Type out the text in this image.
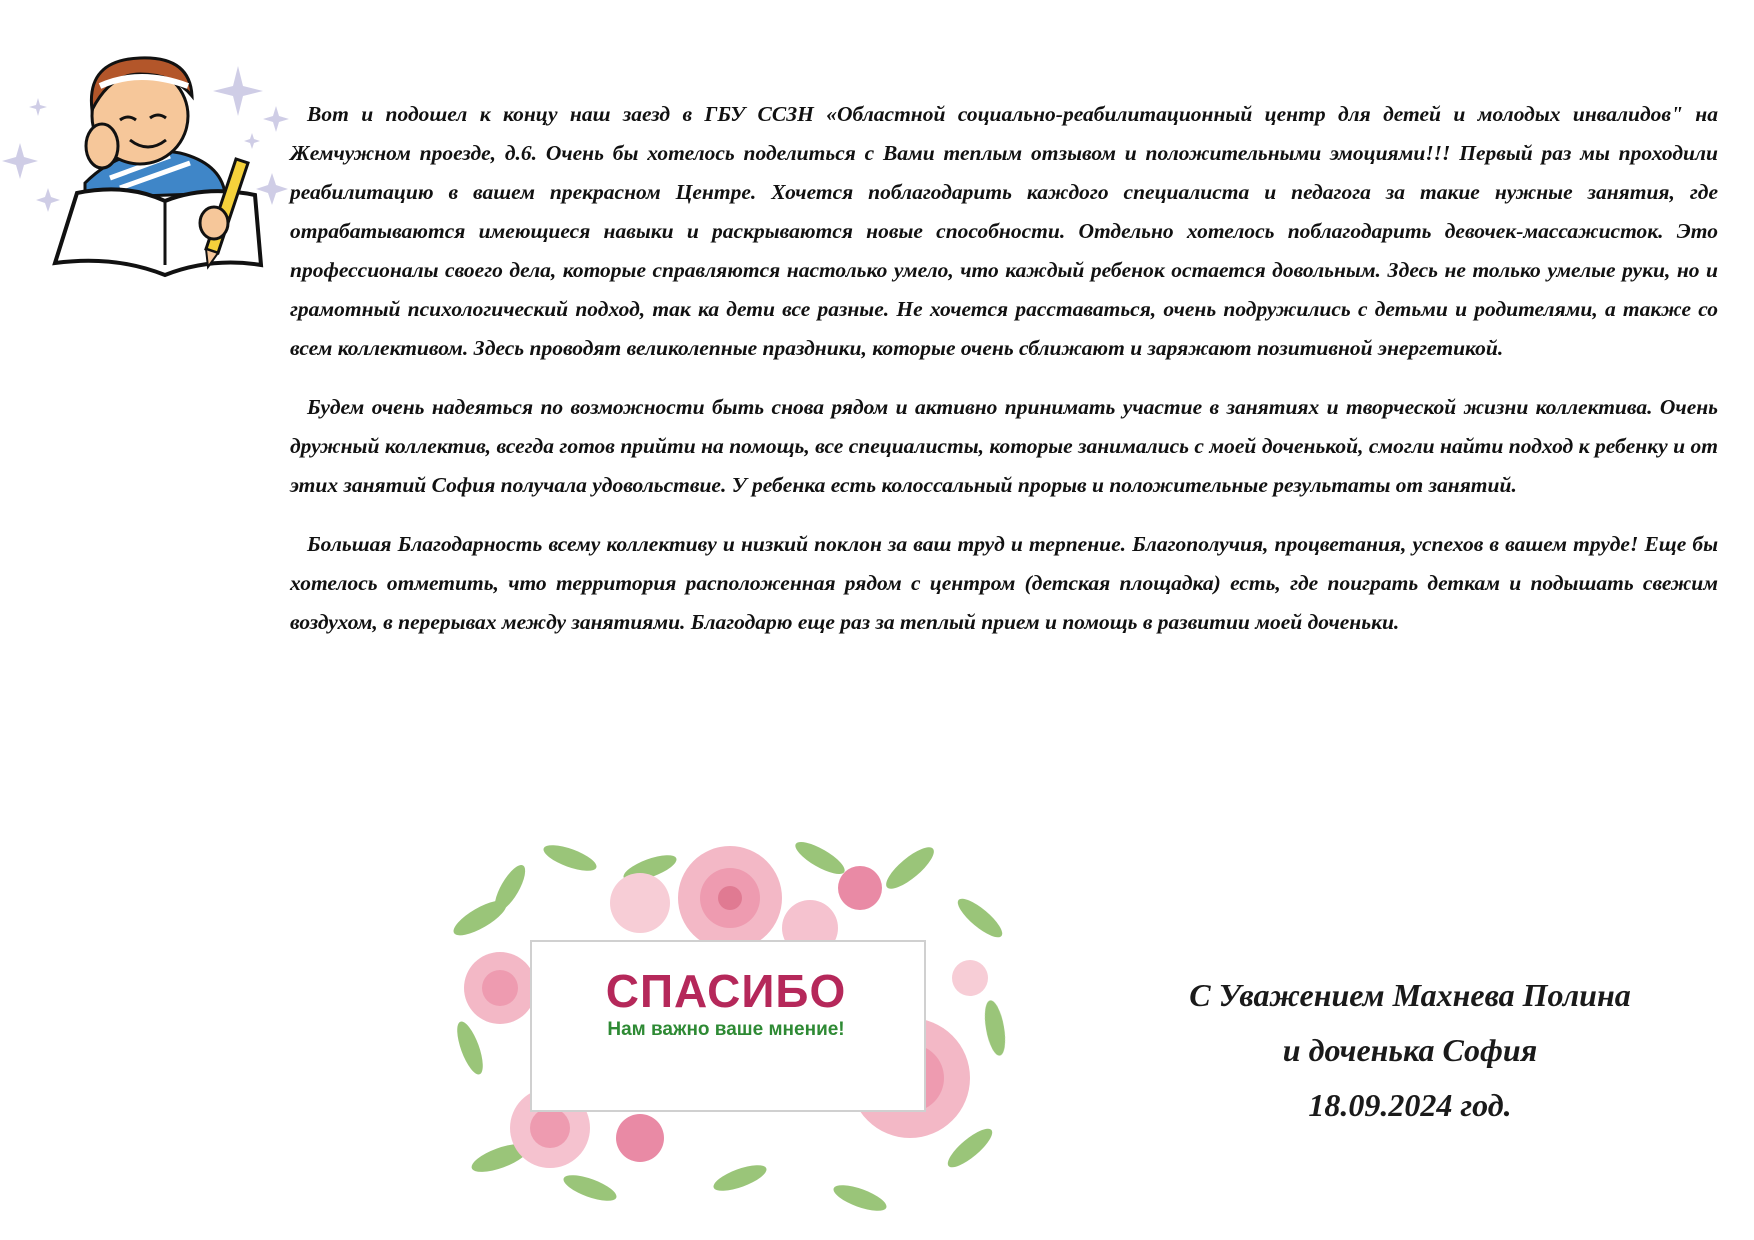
Вот и подошел к концу наш заезд в ГБУ ССЗН «Областной социально-реабилитационный центр для детей и молодых инвалидов" на Жемчужном проезде, д.6. Очень бы хотелось поделиться с Вами теплым отзывом и положительными эмоциями!!! Первый раз мы проходили реабилитацию в вашем прекрасном Центре. Хочется поблагодарить каждого специалиста и педагога за такие нужные занятия, где отрабатываются имеющиеся навыки и раскрываются новые способности. Отдельно хотелось поблагодарить девочек-массажисток. Это профессионалы своего дела, которые справляются настолько умело, что каждый ребенок остается довольным. Здесь не только умелые руки, но и грамотный психологический подход, так ка дети все разные. Не хочется расставаться, очень подружились с детьми и родителями, а также со всем коллективом. Здесь проводят великолепные праздники, которые очень сближают и заряжают позитивной энергетикой.

Будем очень надеяться по возможности быть снова рядом и активно принимать участие в занятиях и творческой жизни коллектива. Очень дружный коллектив, всегда готов прийти на помощь, все специалисты, которые занимались с моей доченькой, смогли найти подход к ребенку и от этих занятий София получала удовольствие. У ребенка есть колоссальный прорыв и положительные результаты от занятий.

Большая Благодарность всему коллективу и низкий поклон за ваш труд и терпение. Благополучия, процветания, успехов в вашем труде! Еще бы хотелось отметить, что территория расположенная рядом с центром (детская площадка) есть, где поиграть деткам и подышать свежим воздухом, в перерывах между занятиями. Благодарю еще раз за теплый прием и помощь в развитии моей доченьки.

СПАСИБО
Нам важно ваше мнение!
С Уважением Махнева Полина
и доченька София
18.09.2024 год.
